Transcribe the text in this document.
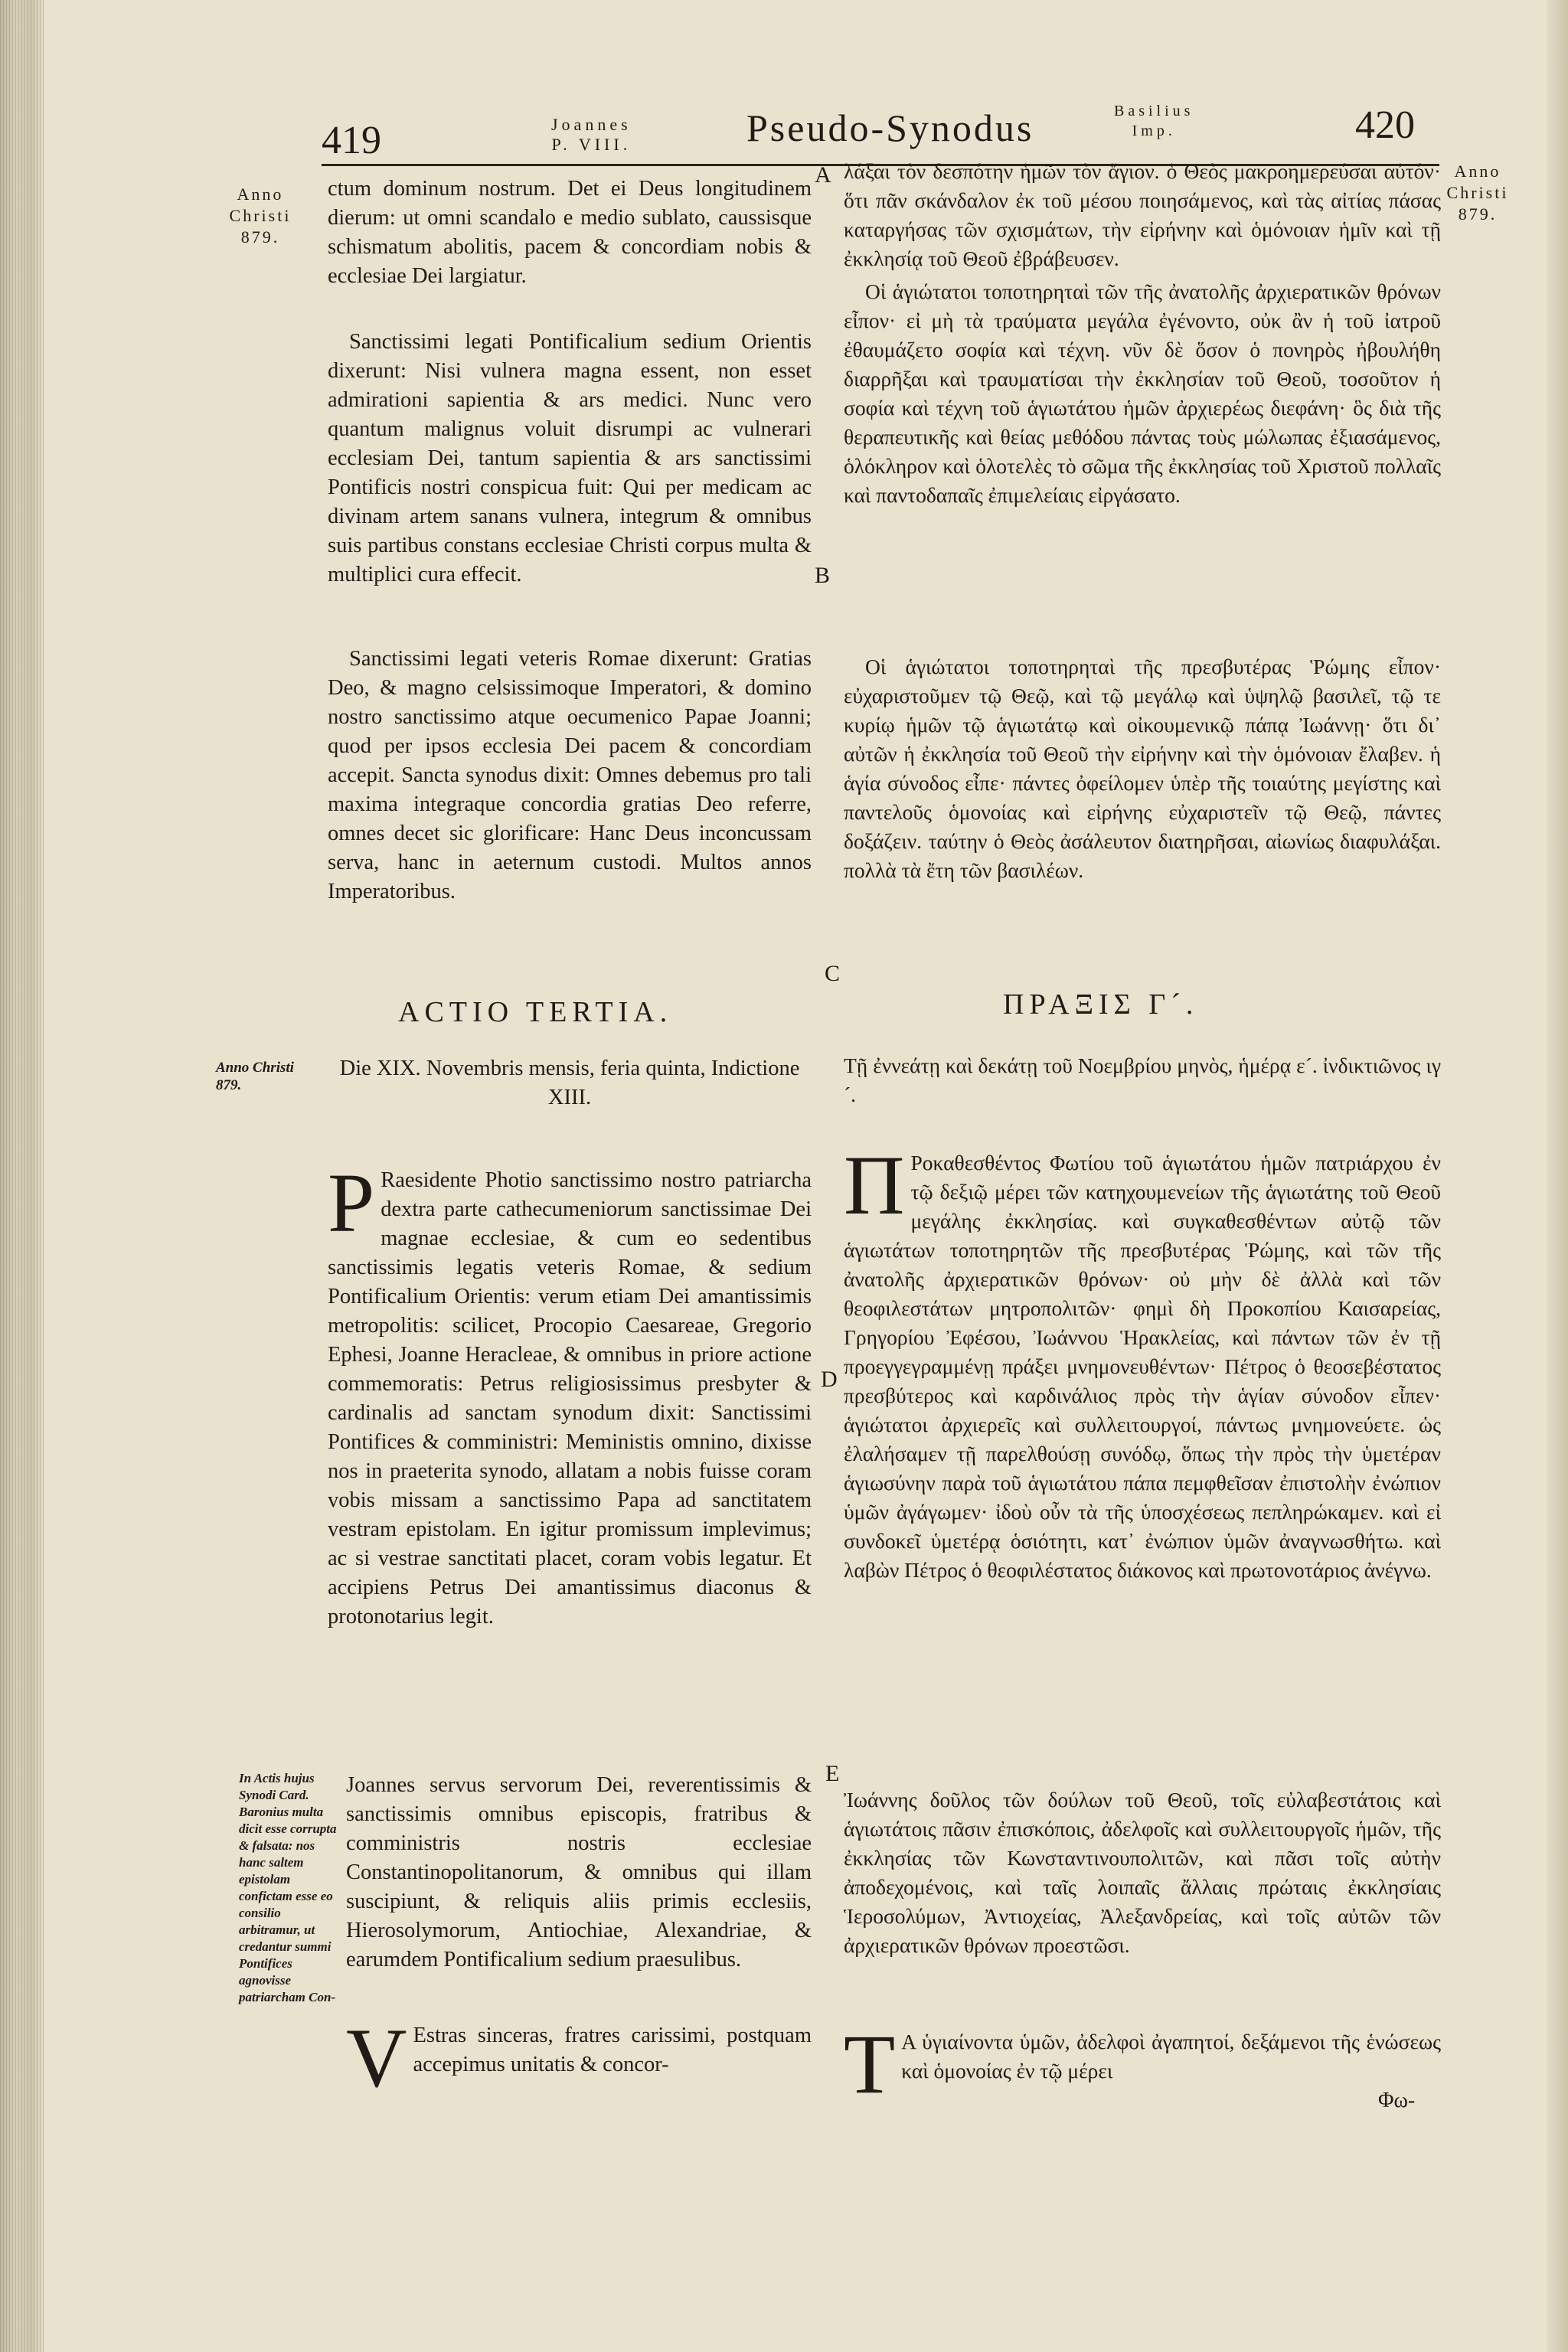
419	Joannes
P. VIII.	Pseudo-Synodus	Basilius
Imp.	420
Anno Christi 879.
Anno Christi 879.
Anno Christi 879.
In Actis hujus Synodi Card. Baronius multa dicit esse corrupta & falsata: nos hanc saltem epistolam confictam esse eo consilio arbitramur, ut credantur summi Pontifices agnovisse patriarcham Con-
A
B
C
D
E

ctum dominum nostrum. Det ei Deus longitudinem dierum: ut omni scandalo e medio sublato, caussisque schismatum abolitis, pacem & concordiam nobis & ecclesiae Dei largiatur.

Sanctissimi legati Pontificalium sedium Orientis dixerunt: Nisi vulnera magna essent, non esset admirationi sapientia & ars medici. Nunc vero quantum malignus voluit disrumpi ac vulnerari ecclesiam Dei, tantum sapientia & ars sanctissimi Pontificis nostri conspicua fuit: Qui per medicam ac divinam artem sanans vulnera, integrum & omnibus suis partibus constans ecclesiae Christi corpus multa & multiplici cura effecit.

Sanctissimi legati veteris Romae dixerunt: Gratias Deo, & magno celsissimoque Imperatori, & domino nostro sanctissimo atque oecumenico Papae Joanni; quod per ipsos ecclesia Dei pacem & concordiam accepit. Sancta synodus dixit: Omnes debemus pro tali maxima integraque concordia gratias Deo referre, omnes decet sic glorificare: Hanc Deus inconcussam serva, hanc in aeternum custodi. Multos annos Imperatoribus.

ACTIO TERTIA.

Die XIX. Novembris mensis, feria quinta, Indictione XIII.

P Raesidente Photio sanctissimo nostro patriarcha dextra parte cathecumeniorum sanctissimae Dei magnae ecclesiae, & cum eo sedentibus sanctissimis legatis veteris Romae, & sedium Pontificalium Orientis: verum etiam Dei amantissimis metropolitis: scilicet, Procopio Caesareae, Gregorio Ephesi, Joanne Heracleae, & omnibus in priore actione commemoratis: Petrus religiosissimus presbyter & cardinalis ad sanctam synodum dixit: Sanctissimi Pontifices & comministri: Meministis omnino, dixisse nos in praeterita synodo, allatam a nobis fuisse coram vobis missam a sanctissimo Papa ad sanctitatem vestram epistolam. En igitur promissum implevimus; ac si vestrae sanctitati placet, coram vobis legatur. Et accipiens Petrus Dei amantissimus diaconus & protonotarius legit.

Joannes servus servorum Dei, reverentissimis & sanctissimis omnibus episcopis, fratribus & comministris nostris ecclesiae Constantinopolitanorum, & omnibus qui illam suscipiunt, & reliquis aliis primis ecclesiis, Hierosolymorum, Antiochiae, Alexandriae, & earumdem Pontificalium sedium praesulibus.

V Estras sinceras, fratres carissimi, postquam accepimus unitatis & concor-

λάξαι τὸν δεσπότην ἡμῶν τὸν ἅγιον. ὁ Θεὸς μακροημερεύσαι αὐτόν· ὅτι πᾶν σκάνδαλον ἐκ τοῦ μέσου ποιησάμενος, καὶ τὰς αἰτίας πάσας καταργήσας τῶν σχισμάτων, τὴν εἰρήνην καὶ ὁμόνοιαν ἡμῖν καὶ τῇ ἐκκλησίᾳ τοῦ Θεοῦ ἐβράβευσεν.

Οἱ ἁγιώτατοι τοποτηρηταὶ τῶν τῆς ἀνατολῆς ἀρχιερατικῶν θρόνων εἶπον· εἰ μὴ τὰ τραύματα μεγάλα ἐγένοντο, οὐκ ἂν ἡ τοῦ ἰατροῦ ἐθαυμάζετο σοφία καὶ τέχνη. νῦν δὲ ὅσον ὁ πονηρὸς ἠβουλήθη διαρρῆξαι καὶ τραυματίσαι τὴν ἐκκλησίαν τοῦ Θεοῦ, τοσοῦτον ἡ σοφία καὶ τέχνη τοῦ ἁγιωτάτου ἡμῶν ἀρχιερέως διεφάνη· ὃς διὰ τῆς θεραπευτικῆς καὶ θείας μεθόδου πάντας τοὺς μώλωπας ἐξιασάμενος, ὁλόκληρον καὶ ὁλοτελὲς τὸ σῶμα τῆς ἐκκλησίας τοῦ Χριστοῦ πολλαῖς καὶ παντοδαπαῖς ἐπιμελείαις εἰργάσατο.

Οἱ ἁγιώτατοι τοποτηρηταὶ τῆς πρεσβυτέρας Ῥώμης εἶπον· εὐχαριστοῦμεν τῷ Θεῷ, καὶ τῷ μεγάλῳ καὶ ὑψηλῷ βασιλεῖ, τῷ τε κυρίῳ ἡμῶν τῷ ἁγιωτάτῳ καὶ οἰκουμενικῷ πάπᾳ Ἰωάννῃ· ὅτι δι᾽ αὐτῶν ἡ ἐκκλησία τοῦ Θεοῦ τὴν εἰρήνην καὶ τὴν ὁμόνοιαν ἔλαβεν. ἡ ἁγία σύνοδος εἶπε· πάντες ὀφείλομεν ὑπὲρ τῆς τοιαύτης μεγίστης καὶ παντελοῦς ὁμονοίας καὶ εἰρήνης εὐχαριστεῖν τῷ Θεῷ, πάντες δοξάζειν. ταύτην ὁ Θεὸς ἀσάλευτον διατηρῆσαι, αἰωνίως διαφυλάξαι. πολλὰ τὰ ἔτη τῶν βασιλέων.

ΠΡΑΞΙΣ Γ´.

Τῇ ἐννεάτῃ καὶ δεκάτῃ τοῦ Νοεμβρίου μηνὸς, ἡμέρᾳ ε´. ἰνδικτιῶνος ιγ´.

Π Ροκαθεσθέντος Φωτίου τοῦ ἁγιωτάτου ἡμῶν πατριάρχου ἐν τῷ δεξιῷ μέρει τῶν κατηχουμενείων τῆς ἁγιωτάτης τοῦ Θεοῦ μεγάλης ἐκκλησίας. καὶ συγκαθεσθέντων αὐτῷ τῶν ἁγιωτάτων τοποτηρητῶν τῆς πρεσβυτέρας Ῥώμης, καὶ τῶν τῆς ἀνατολῆς ἀρχιερατικῶν θρόνων· οὐ μὴν δὲ ἀλλὰ καὶ τῶν θεοφιλεστάτων μητροπολιτῶν· φημὶ δὴ Προκοπίου Καισαρείας, Γρηγορίου Ἐφέσου, Ἰωάννου Ἡρακλείας, καὶ πάντων τῶν ἐν τῇ προεγγεγραμμένῃ πράξει μνημονευθέντων· Πέτρος ὁ θεοσεβέστατος πρεσβύτερος καὶ καρδινάλιος πρὸς τὴν ἁγίαν σύνοδον εἶπεν· ἁγιώτατοι ἀρχιερεῖς καὶ συλλειτουργοί, πάντως μνημονεύετε. ὡς ἐλαλήσαμεν τῇ παρελθούσῃ συνόδῳ, ὅπως τὴν πρὸς τὴν ὑμετέραν ἁγιωσύνην παρὰ τοῦ ἁγιωτάτου πάπα πεμφθεῖσαν ἐπιστολὴν ἐνώπιον ὑμῶν ἀγάγωμεν· ἰδοὺ οὖν τὰ τῆς ὑποσχέσεως πεπληρώκαμεν. καὶ εἰ συνδοκεῖ ὑμετέρᾳ ὁσιότητι, κατ᾽ ἐνώπιον ὑμῶν ἀναγνωσθήτω. καὶ λαβὼν Πέτρος ὁ θεοφιλέστατος διάκονος καὶ πρωτονοτάριος ἀνέγνω.

Ἰωάννης δοῦλος τῶν δούλων τοῦ Θεοῦ, τοῖς εὐλαβεστάτοις καὶ ἁγιωτάτοις πᾶσιν ἐπισκόποις, ἀδελφοῖς καὶ συλλειτουργοῖς ἡμῶν, τῆς ἐκκλησίας τῶν Κωνσταντινουπολιτῶν, καὶ πᾶσι τοῖς αὐτὴν ἀποδεχομένοις, καὶ ταῖς λοιπαῖς ἄλλαις πρώταις ἐκκλησίαις Ἱεροσολύμων, Ἀντιοχείας, Ἀλεξανδρείας, καὶ τοῖς αὐτῶν τῶν ἀρχιερατικῶν θρόνων προεστῶσι.

Τ Α ὑγιαίνοντα ὑμῶν, ἀδελφοὶ ἀγαπητοί, δεξάμενοι τῆς ἑνώσεως καὶ ὁμονοίας ἐν τῷ μέρει

Φω-
